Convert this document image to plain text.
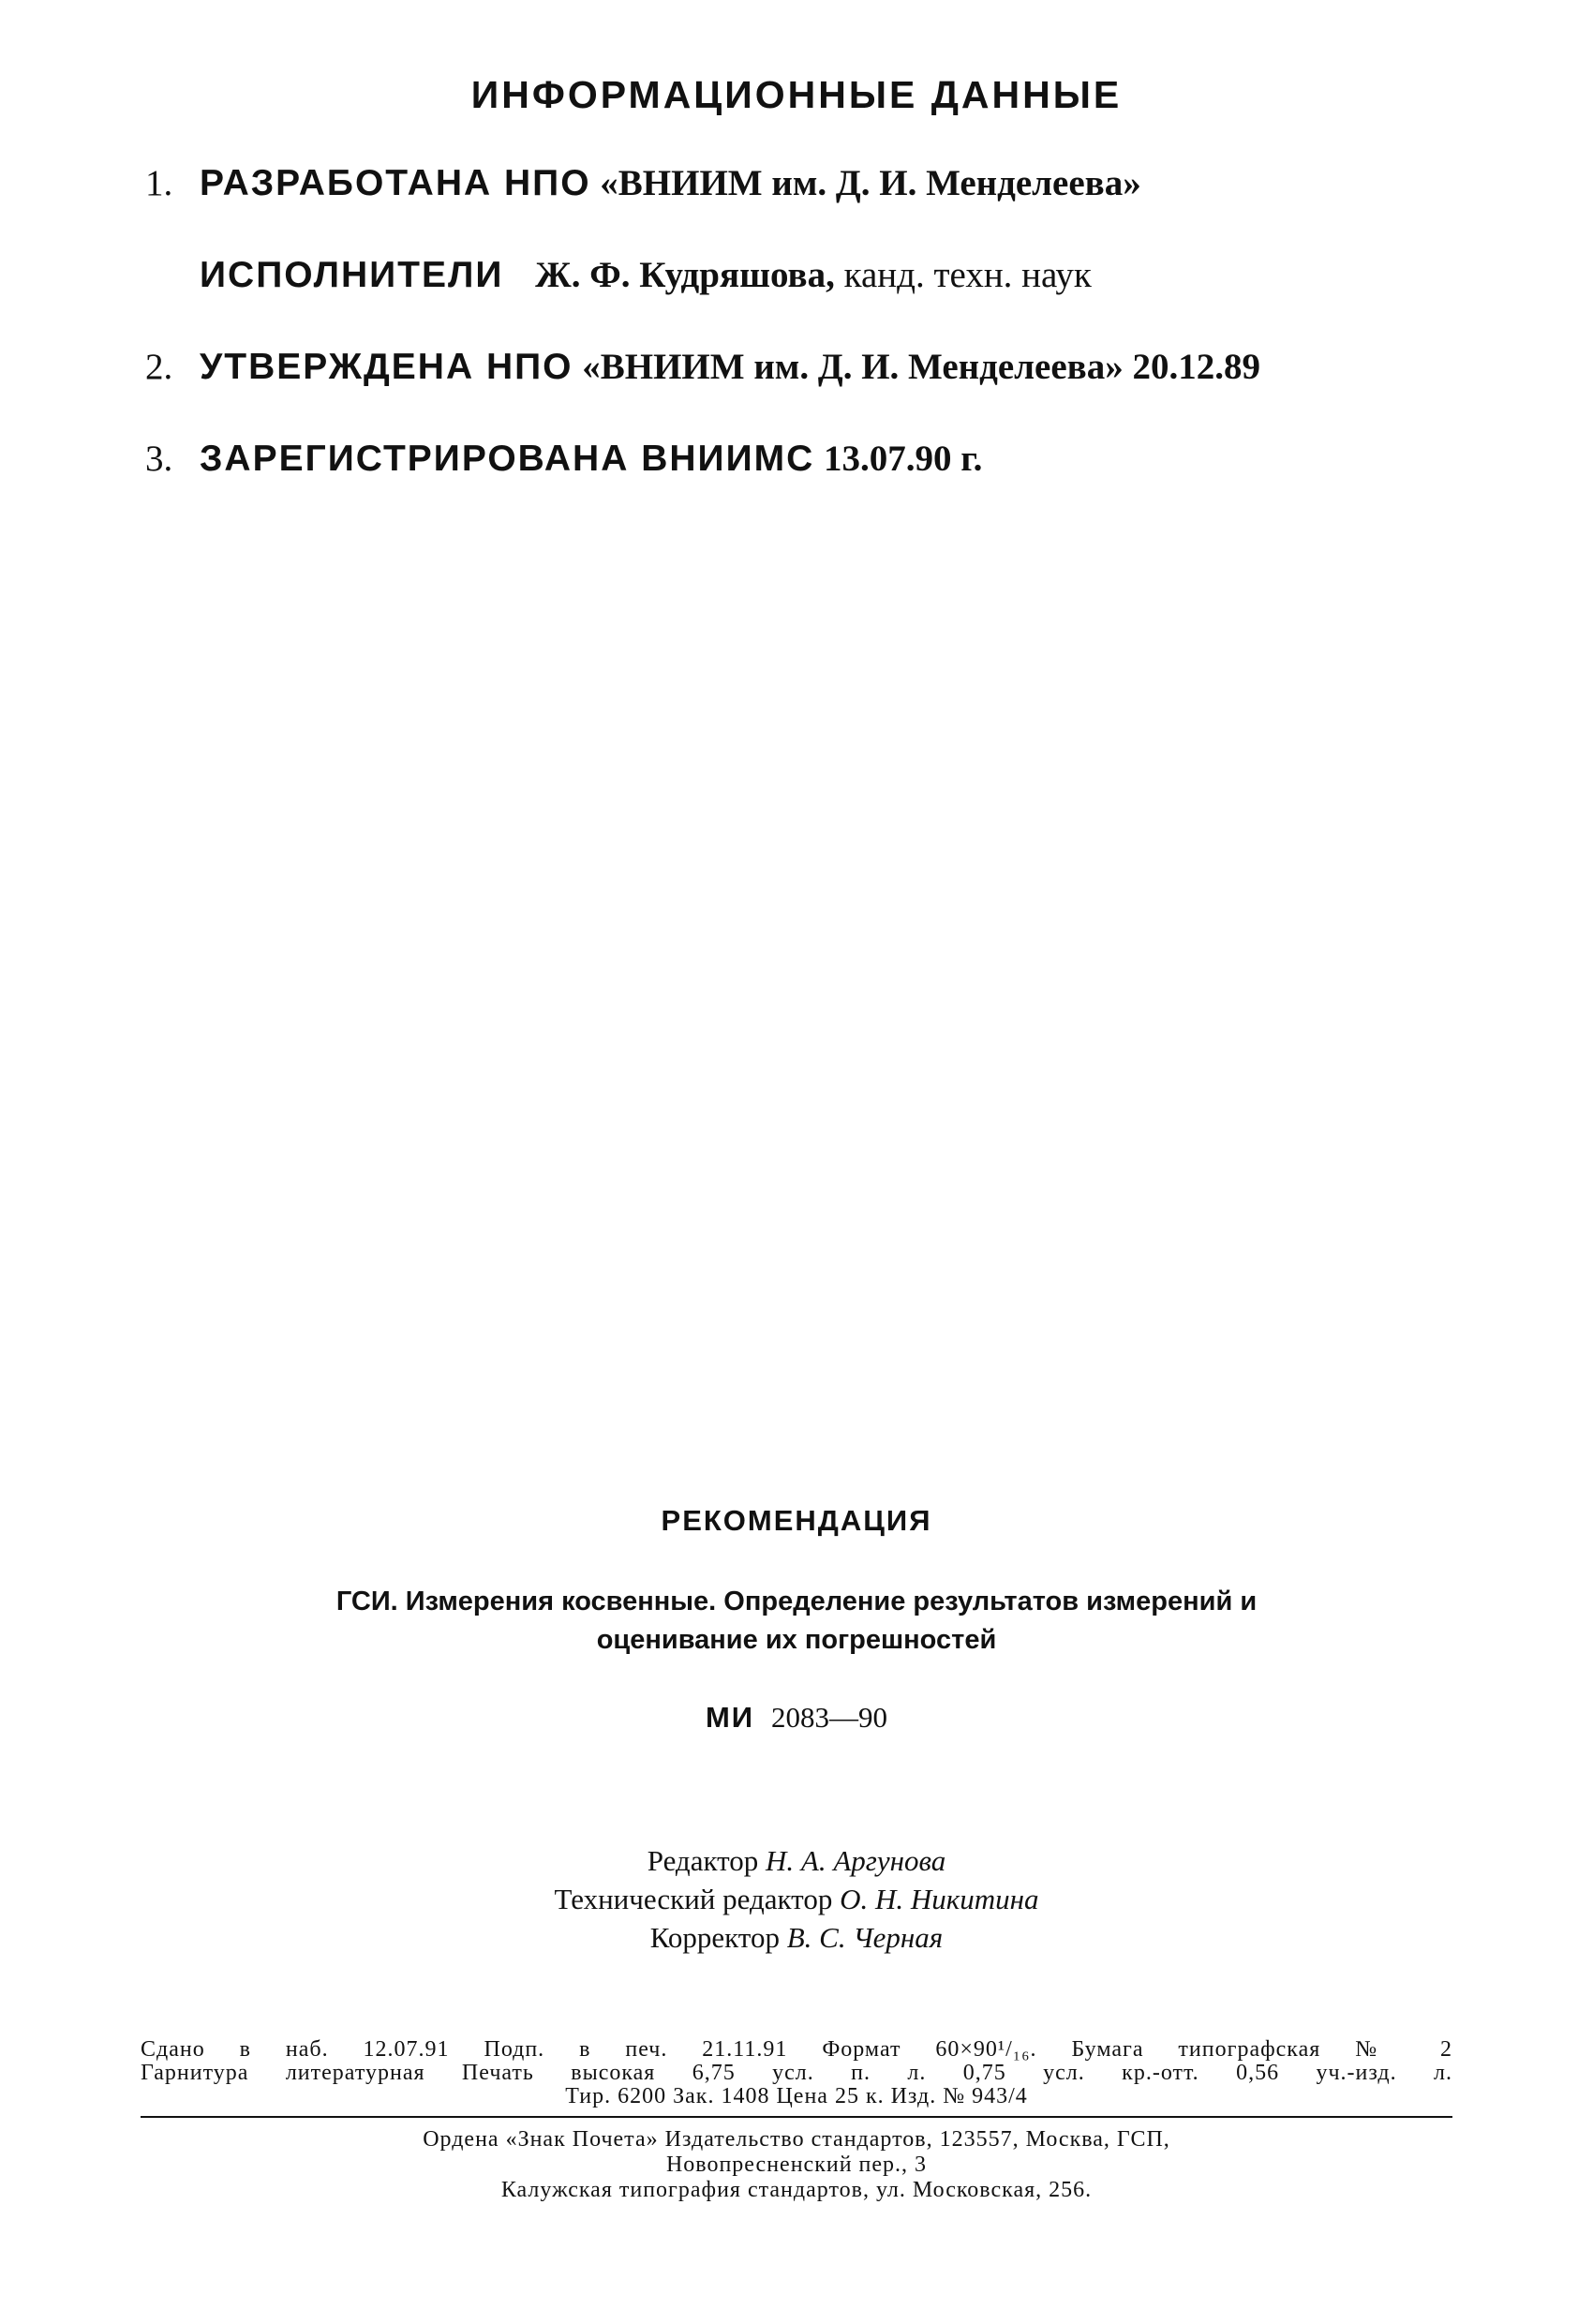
ИНФОРМАЦИОННЫЕ ДАННЫЕ
1. РАЗРАБОТАНА НПО «ВНИИМ им. Д. И. Менделеева»
ИСПОЛНИТЕЛИ Ж. Ф. Кудряшова, канд. техн. наук
2. УТВЕРЖДЕНА НПО «ВНИИМ им. Д. И. Менделеева» 20.12.89
3. ЗАРЕГИСТРИРОВАНА ВНИИМС 13.07.90 г.

РЕКОМЕНДАЦИЯ

ГСИ. Измерения косвенные. Определение результатов измерений и
оценивание их погрешностей

МИ 2083—90

Редактор Н. А. Аргунова
Технический редактор О. Н. Никитина
Корректор В. С. Черная
Сдано в наб. 12.07.91 Подп. в печ. 21.11.91 Формат 60×90¹/₁₆. Бумага типографская № 2
Гарнитура литературная Печать высокая 6,75 усл. п. л. 0,75 усл. кр.-отт. 0,56 уч.-изд. л.
Тир. 6200 Зак. 1408 Цена 25 к. Изд. № 943/4
Ордена «Знак Почета» Издательство стандартов, 123557, Москва, ГСП,
Новопресненский пер., 3
Калужская типография стандартов, ул. Московская, 256.
